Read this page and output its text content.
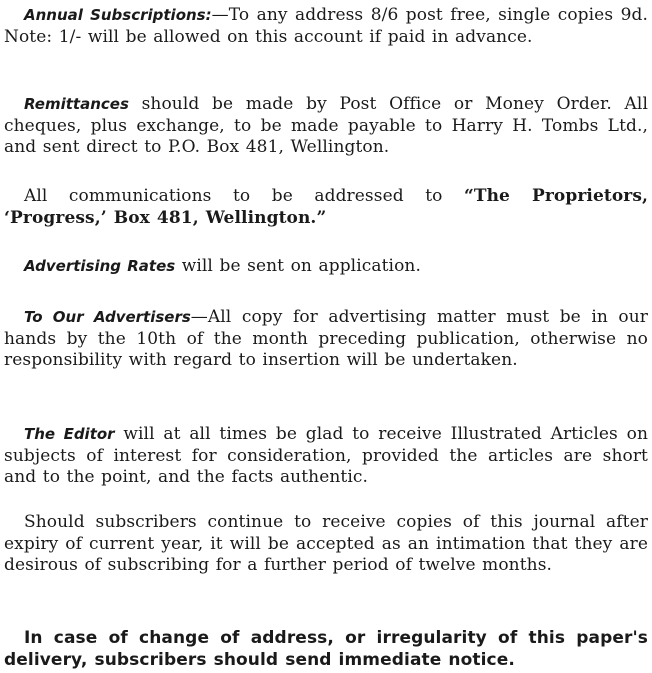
Annual Subscriptions:—To any address 8/6 post free, single copies 9d. Note: 1/- will be allowed on this account if paid in advance.

Remittances should be made by Post Office or Money Order. All cheques, plus exchange, to be made payable to Harry H. Tombs Ltd., and sent direct to P.O. Box 481, Wellington.

All communications to be addressed to “The Proprietors, ‘Progress,’ Box 481, Wellington.”

Advertising Rates will be sent on application.

To Our Advertisers—All copy for advertising matter must be in our hands by the 10th of the month preceding publication, otherwise no responsibility with regard to insertion will be undertaken.

The Editor will at all times be glad to receive Illustrated Articles on subjects of interest for consideration, provided the articles are short and to the point, and the facts authentic.

Should subscribers continue to receive copies of this journal after expiry of current year, it will be accepted as an intimation that they are desirous of subscribing for a further period of twelve months.

In case of change of address, or irregularity of this paper's delivery, subscribers should send immediate notice.
